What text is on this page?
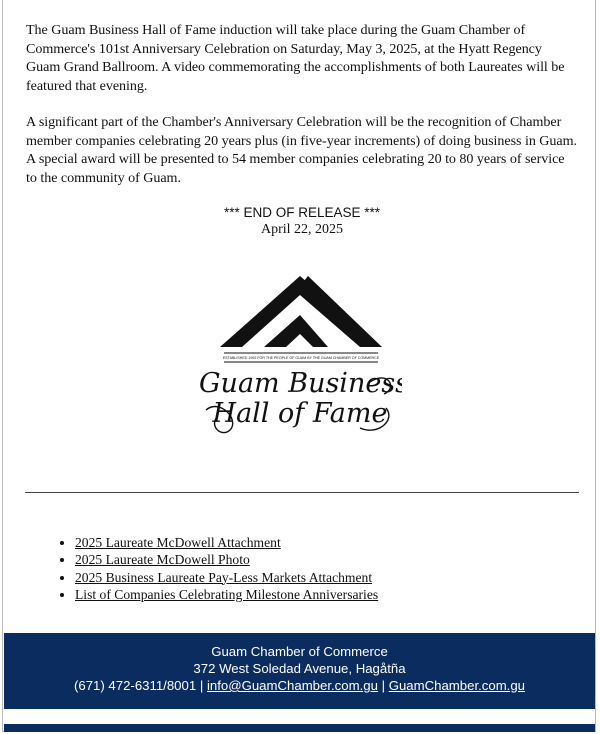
The Guam Business Hall of Fame induction will take place during the Guam Chamber of Commerce's 101st Anniversary Celebration on Saturday, May 3, 2025, at the Hyatt Regency Guam Grand Ballroom. A video commemorating the accomplishments of both Laureates will be featured that evening.

A significant part of the Chamber's Anniversary Celebration will be the recognition of Chamber member companies celebrating 20 years plus (in five-year increments) of doing business in Guam. A special award will be presented to 54 member companies celebrating 20 to 80 years of service to the community of Guam.

*** END OF RELEASE ***
April 22, 2025
ESTABLISHED 1992 FOR THE PEOPLE OF GUAM BY THE GUAM CHAMBER OF COMMERCE
Guam Business
Hall of Fame
• 2025 Laureate McDowell Attachment
• 2025 Laureate McDowell Photo
• 2025 Business Laureate Pay-Less Markets Attachment
• List of Companies Celebrating Milestone Anniversaries
Guam Chamber of Commerce
372 West Soledad Avenue, Hagåtña
(671) 472-6311/8001 | info@GuamChamber.com.gu | GuamChamber.com.gu
